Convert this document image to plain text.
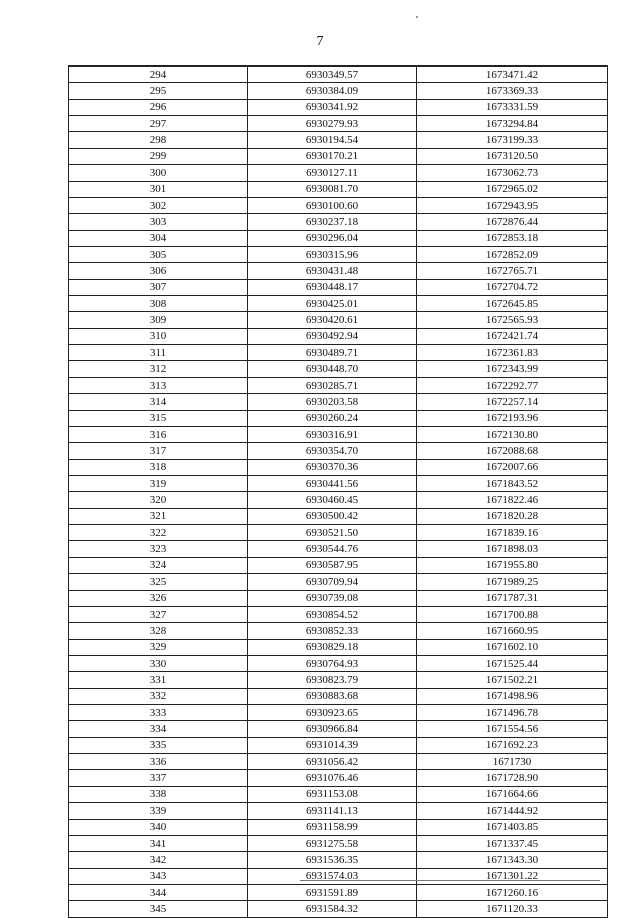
7
294	6930349.57	1673471.42
295	6930384.09	1673369.33
296	6930341.92	1673331.59
297	6930279.93	1673294.84
298	6930194.54	1673199.33
299	6930170.21	1673120.50
300	6930127.11	1673062.73
301	6930081.70	1672965.02
302	6930100.60	1672943.95
303	6930237.18	1672876.44
304	6930296.04	1672853.18
305	6930315.96	1672852.09
306	6930431.48	1672765.71
307	6930448.17	1672704.72
308	6930425.01	1672645.85
309	6930420.61	1672565.93
310	6930492.94	1672421.74
311	6930489.71	1672361.83
312	6930448.70	1672343.99
313	6930285.71	1672292.77
314	6930203.58	1672257.14
315	6930260.24	1672193.96
316	6930316.91	1672130.80
317	6930354.70	1672088.68
318	6930370.36	1672007.66
319	6930441.56	1671843.52
320	6930460.45	1671822.46
321	6930500.42	1671820.28
322	6930521.50	1671839.16
323	6930544.76	1671898.03
324	6930587.95	1671955.80
325	6930709.94	1671989.25
326	6930739.08	1671787.31
327	6930854.52	1671700.88
328	6930852.33	1671660.95
329	6930829.18	1671602.10
330	6930764.93	1671525.44
331	6930823.79	1671502.21
332	6930883.68	1671498.96
333	6930923.65	1671496.78
334	6930966.84	1671554.56
335	6931014.39	1671692.23
336	6931056.42	1671730
337	6931076.46	1671728.90
338	6931153.08	1671664.66
339	6931141.13	1671444.92
340	6931158.99	1671403.85
341	6931275.58	1671337.45
342	6931536.35	1671343.30
343	6931574.03	1671301.22
344	6931591.89	1671260.16
345	6931584.32	1671120.33
